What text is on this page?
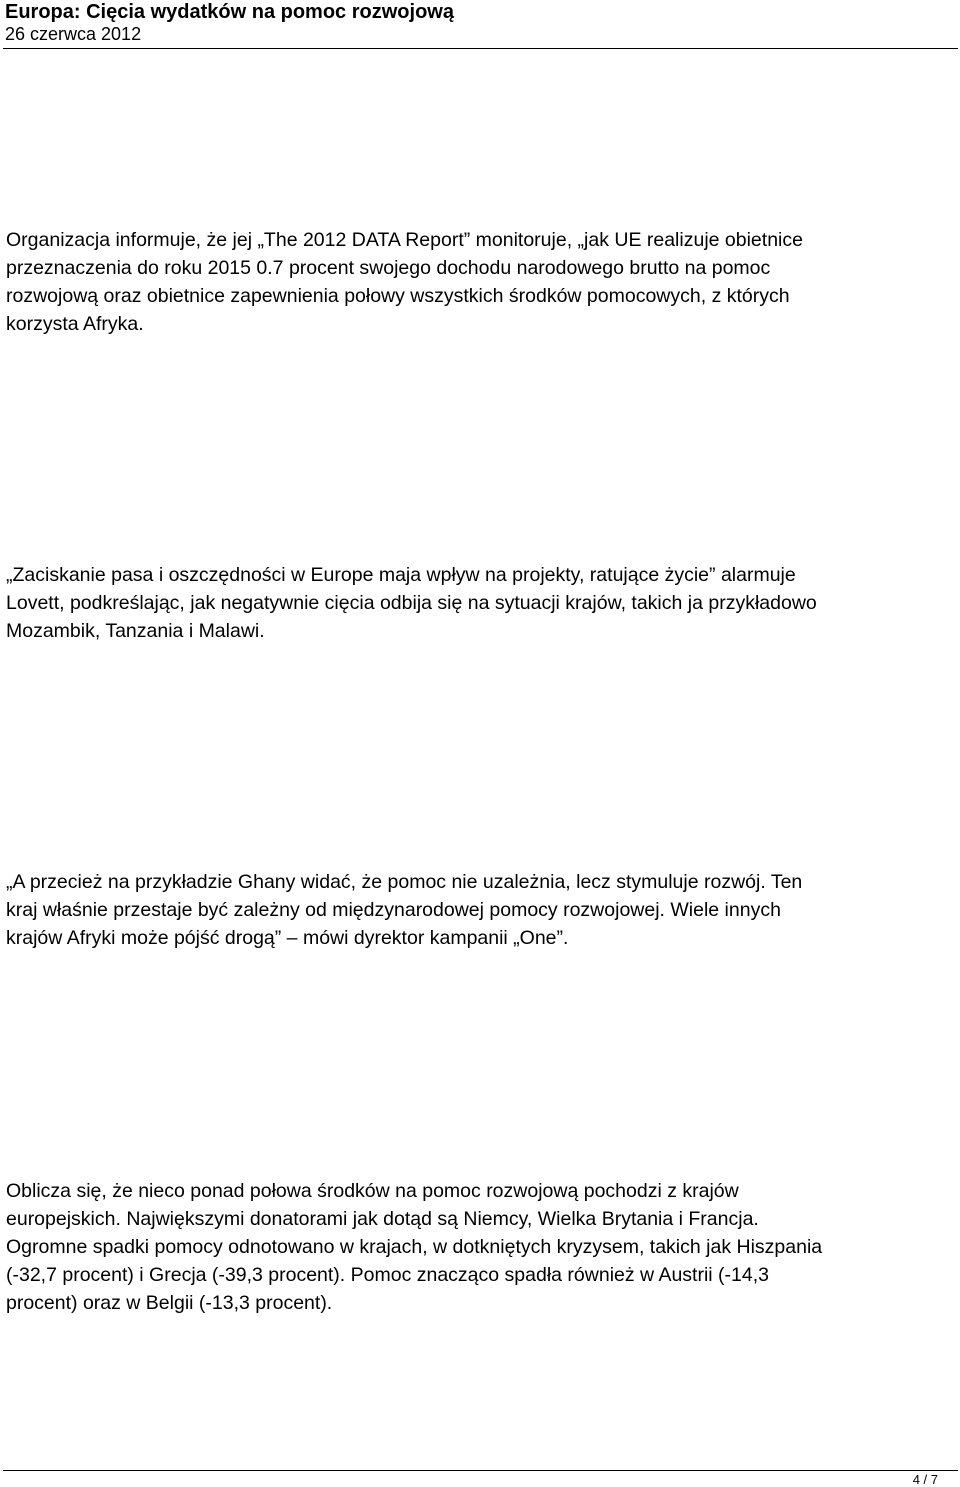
Europa: Cięcia wydatków na pomoc rozwojową
26 czerwca 2012
Organizacja informuje, że jej „The 2012 DATA Report” monitoruje, „jak UE realizuje obietnice
przeznaczenia do roku 2015 0.7 procent swojego dochodu narodowego brutto na pomoc
rozwojową oraz obietnice zapewnienia połowy wszystkich środków pomocowych, z których
korzysta Afryka.
„Zaciskanie pasa i oszczędności w Europe maja wpływ na projekty, ratujące życie” alarmuje
Lovett, podkreślając, jak negatywnie cięcia odbija się na sytuacji krajów, takich ja przykładowo
Mozambik, Tanzania i Malawi.
„A przecież na przykładzie Ghany widać, że pomoc nie uzależnia, lecz stymuluje rozwój. Ten
kraj właśnie przestaje być zależny od międzynarodowej pomocy rozwojowej. Wiele innych
krajów Afryki może pójść drogą” – mówi dyrektor kampanii „One”.
Oblicza się, że nieco ponad połowa środków na pomoc rozwojową pochodzi z krajów
europejskich. Największymi donatorami jak dotąd są Niemcy, Wielka Brytania i Francja.
Ogromne spadki pomocy odnotowano w krajach, w dotkniętych kryzysem, takich jak Hiszpania
(-32,7 procent) i Grecja (-39,3 procent). Pomoc znacząco spadła również w Austrii (-14,3
procent) oraz w Belgii (-13,3 procent).
4 / 7
